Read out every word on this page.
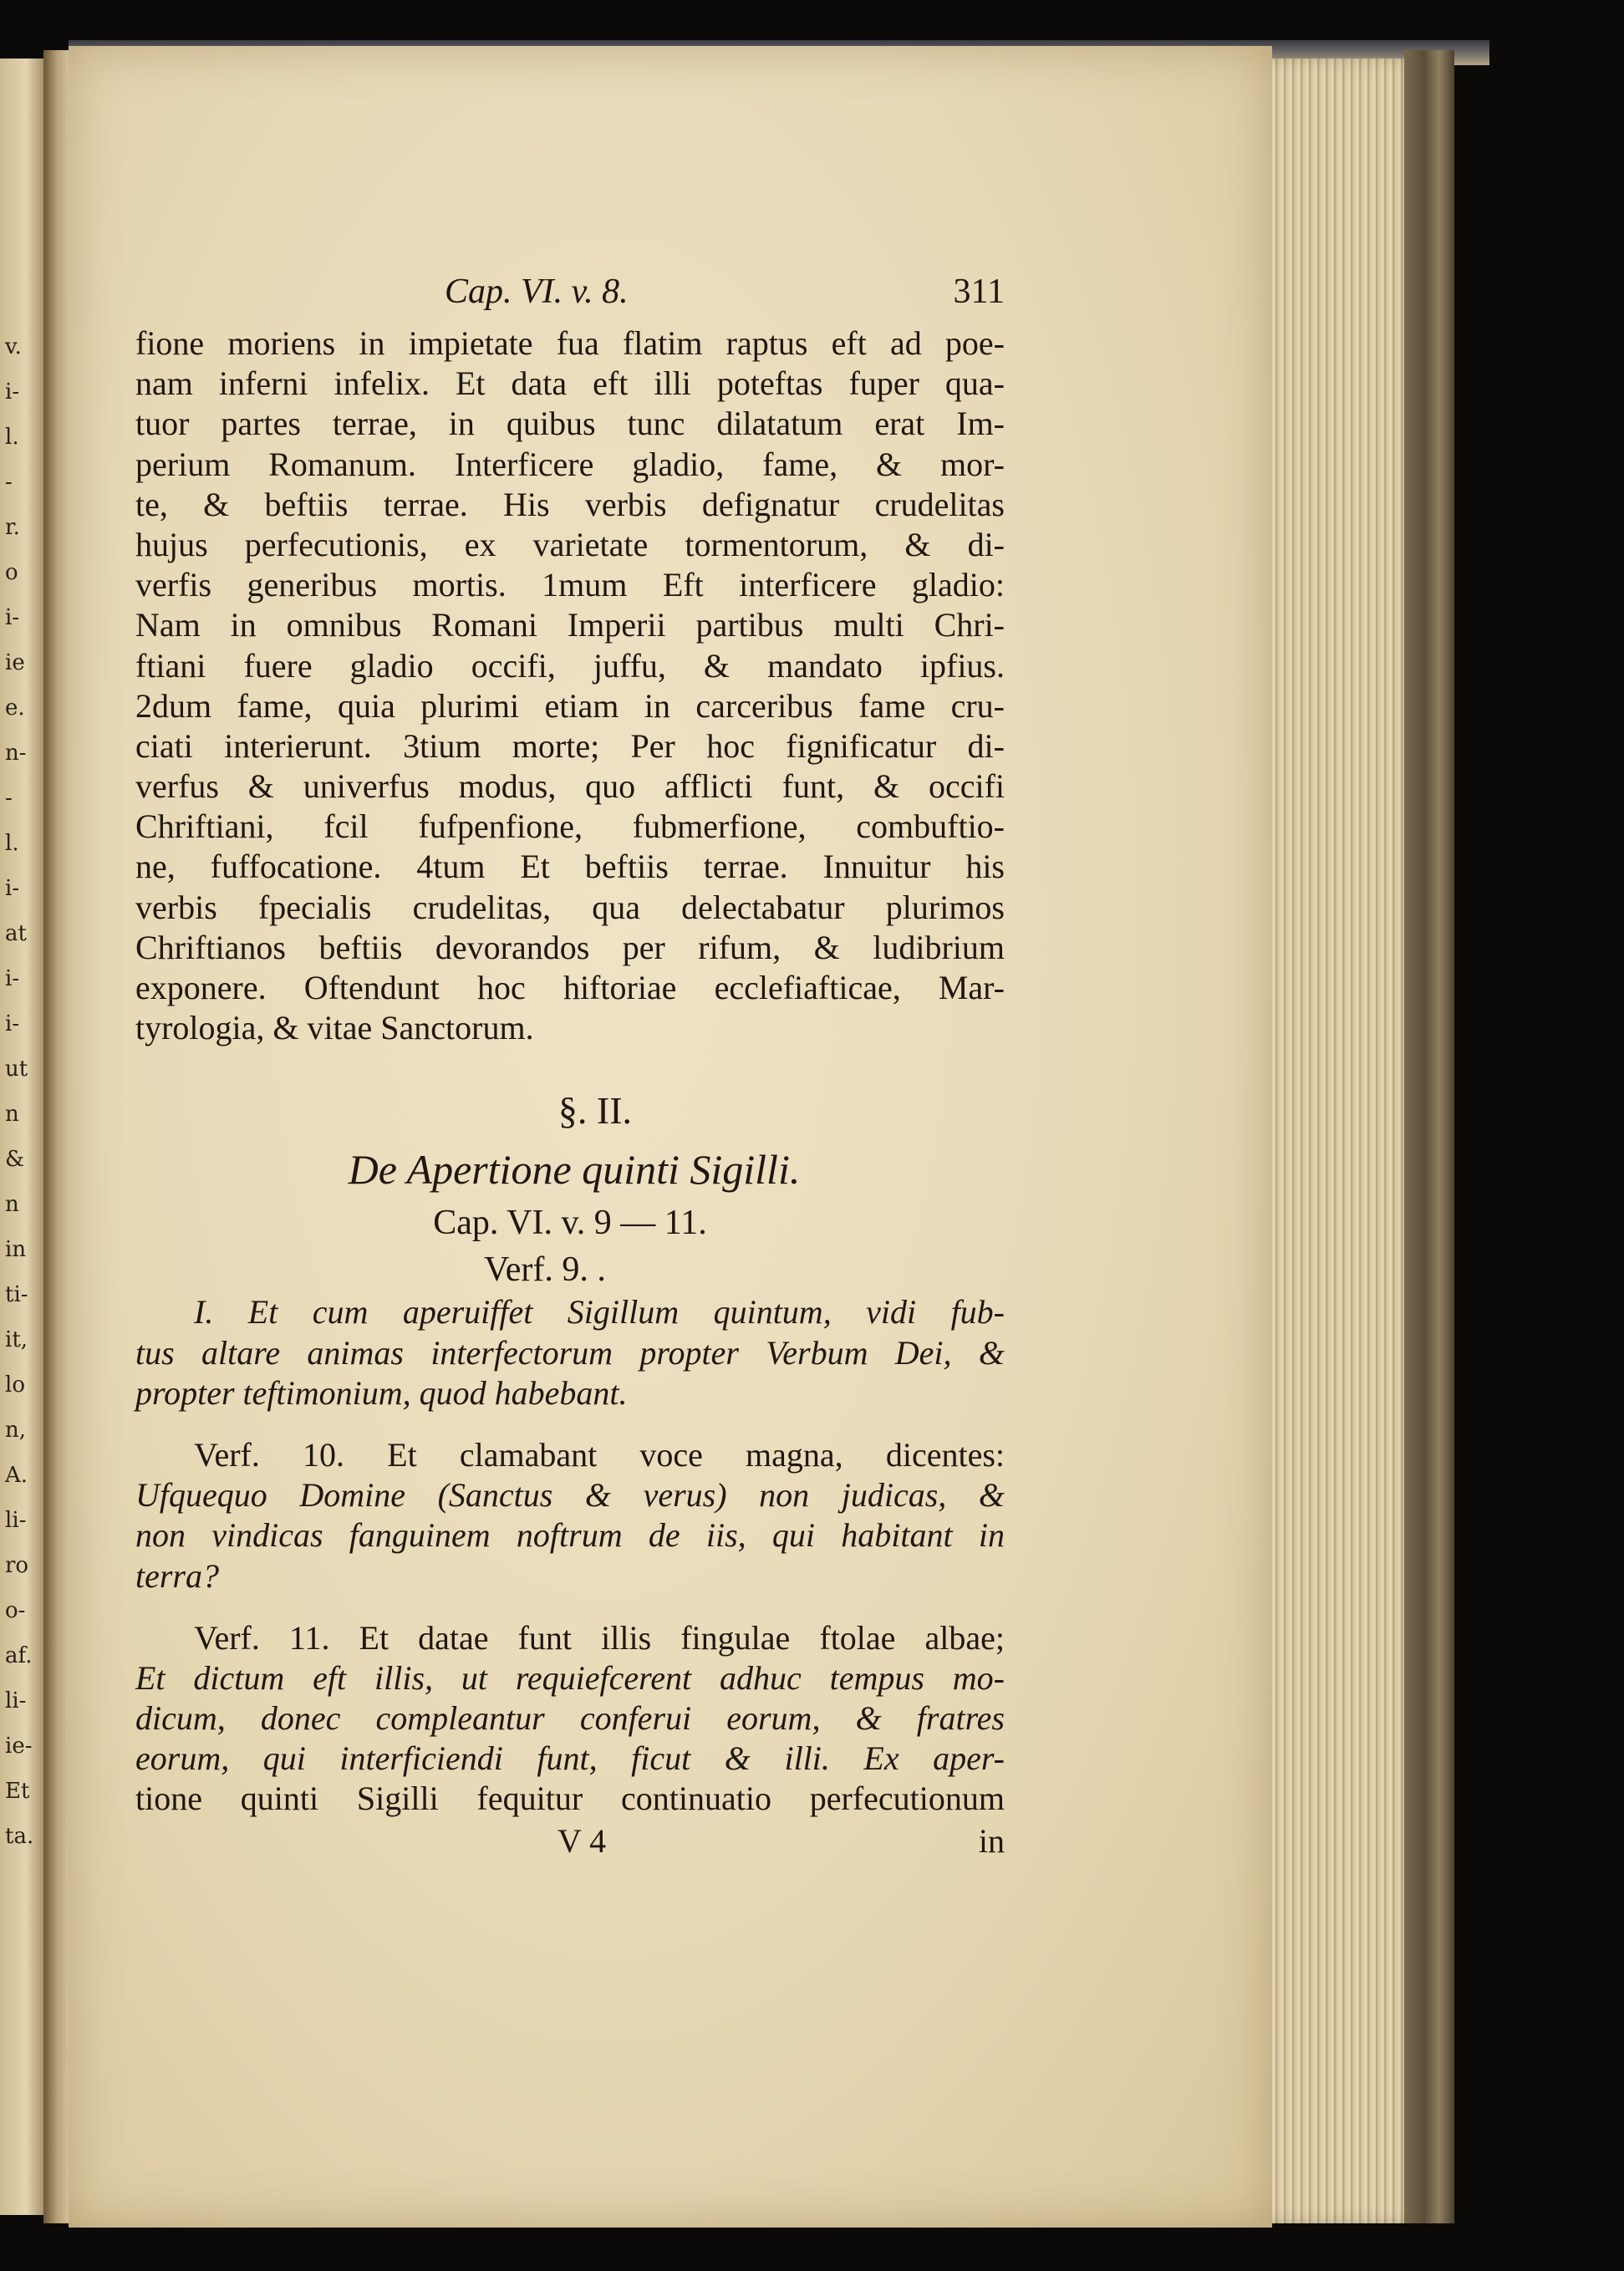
v.
i-
l.
-
r.
o
i-
ie
e.
n-
-
l.
i-
at
i-
i-
ut
n
&
n
in
ti-
it,
lo
n,
A.
li-
ro
o-
af.
li-
ie-
Et
ta.
Cap. VI. v. 8.	311
fione moriens in impietate fua flatim raptus eft ad poe-
nam inferni infelix. Et data eft illi poteftas fuper qua-
tuor partes terrae, in quibus tunc dilatatum erat Im-
perium Romanum. Interficere gladio, fame, & mor-
te, & beftiis terrae. His verbis defignatur crudelitas
hujus perfecutionis, ex varietate tormentorum, & di-
verfis generibus mortis. 1mum Eft interficere gladio:
Nam in omnibus Romani Imperii partibus multi Chri-
ftiani fuere gladio occifi, juffu, & mandato ipfius.
2dum fame, quia plurimi etiam in carceribus fame cru-
ciati interierunt. 3tium morte; Per hoc fignificatur di-
verfus & univerfus modus, quo afflicti funt, & occifi
Chriftiani, fcil fufpenfione, fubmerfione, combuftio-
ne, fuffocatione. 4tum Et beftiis terrae. Innuitur his
verbis fpecialis crudelitas, qua delectabatur plurimos
Chriftianos beftiis devorandos per rifum, & ludibrium
exponere. Oftendunt hoc hiftoriae ecclefiafticae, Mar-
tyrologia, & vitae Sanctorum.
§. II.
De Apertione quinti Sigilli.
Cap. VI. v. 9 — 11.
Verf. 9. .
I. Et cum aperuiffet Sigillum quintum, vidi fub-
tus altare animas interfectorum propter Verbum Dei, &
propter teftimonium, quod habebant.
Verf. 10. Et clamabant voce magna, dicentes:
Ufquequo Domine (Sanctus & verus) non judicas, &
non vindicas fanguinem noftrum de iis, qui habitant in
terra?
Verf. 11. Et datae funt illis fingulae ftolae albae;
Et dictum eft illis, ut requiefcerent adhuc tempus mo-
dicum, donec compleantur conferui eorum, & fratres
eorum, qui interficiendi funt, ficut & illi. Ex aper-
tione quinti Sigilli fequitur continuatio perfecutionum
V 4	in
